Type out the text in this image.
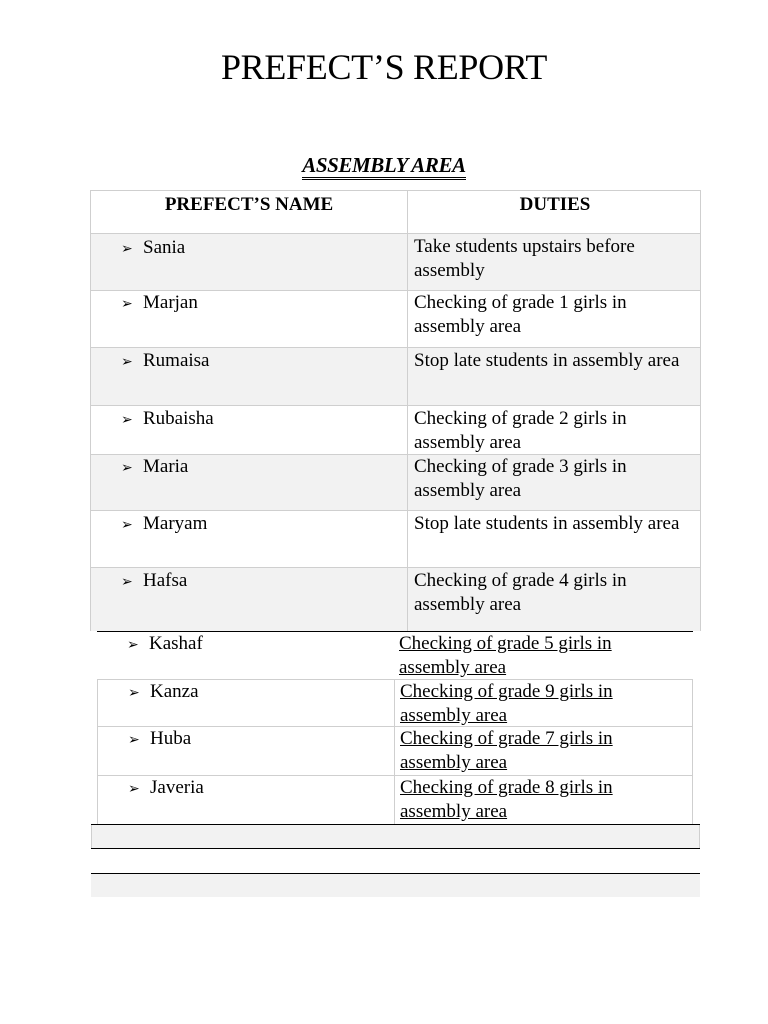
PREFECT’S REPORT
ASSEMBLY AREA
PREFECT’S NAME	DUTIES
➢ Sania	Take students upstairs before assembly
➢ Marjan	Checking of grade 1 girls in assembly area
➢ Rumaisa	Stop late students in assembly area
➢ Rubaisha	Checking of grade 2 girls in assembly area
➢ Maria	Checking of grade 3 girls in assembly area
➢ Maryam	Stop late students in assembly area
➢ Hafsa	Checking of grade 4 girls in assembly area
➢ Kashaf	Checking of grade 5 girls in assembly area
➢ Kanza	Checking of grade 9 girls in assembly area
➢ Huba	Checking of grade 7 girls in assembly area
➢ Javeria	Checking of grade 8 girls in assembly area
